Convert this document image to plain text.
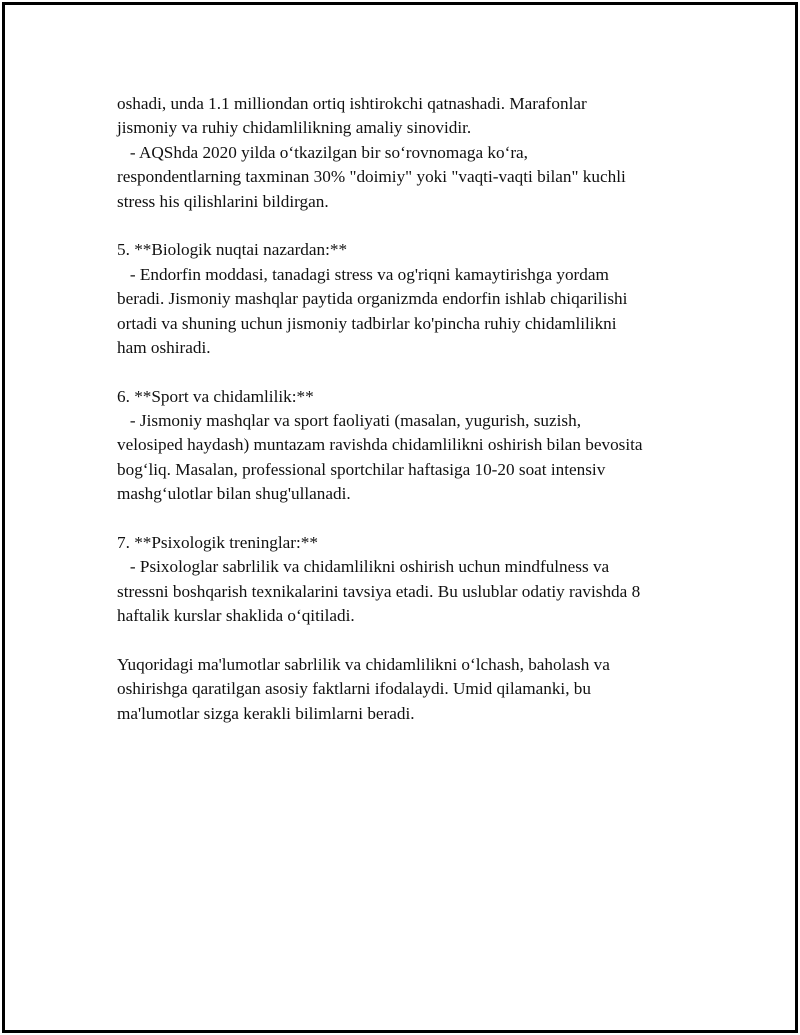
oshadi, unda 1.1 milliondan ortiq ishtirokchi qatnashadi. Marafonlar
jismoniy va ruhiy chidamlilikning amaliy sinovidir.
- AQShda 2020 yilda o‘tkazilgan bir so‘rovnomaga ko‘ra,
respondentlarning taxminan 30% "doimiy" yoki "vaqti-vaqti bilan" kuchli
stress his qilishlarini bildirgan.
5. **Biologik nuqtai nazardan:**
- Endorfin moddasi, tanadagi stress va og'riqni kamaytirishga yordam
beradi. Jismoniy mashqlar paytida organizmda endorfin ishlab chiqarilishi
ortadi va shuning uchun jismoniy tadbirlar ko'pincha ruhiy chidamlilikni
ham oshiradi.
6. **Sport va chidamlilik:**
- Jismoniy mashqlar va sport faoliyati (masalan, yugurish, suzish,
velosiped haydash) muntazam ravishda chidamlilikni oshirish bilan bevosita
bog‘liq. Masalan, professional sportchilar haftasiga 10-20 soat intensiv
mashg‘ulotlar bilan shug'ullanadi.
7. **Psixologik treninglar:**
- Psixologlar sabrlilik va chidamlilikni oshirish uchun mindfulness va
stressni boshqarish texnikalarini tavsiya etadi. Bu uslublar odatiy ravishda 8
haftalik kurslar shaklida o‘qitiladi.
Yuqoridagi ma'lumotlar sabrlilik va chidamlilikni o‘lchash, baholash va
oshirishga qaratilgan asosiy faktlarni ifodalaydi. Umid qilamanki, bu
ma'lumotlar sizga kerakli bilimlarni beradi.
